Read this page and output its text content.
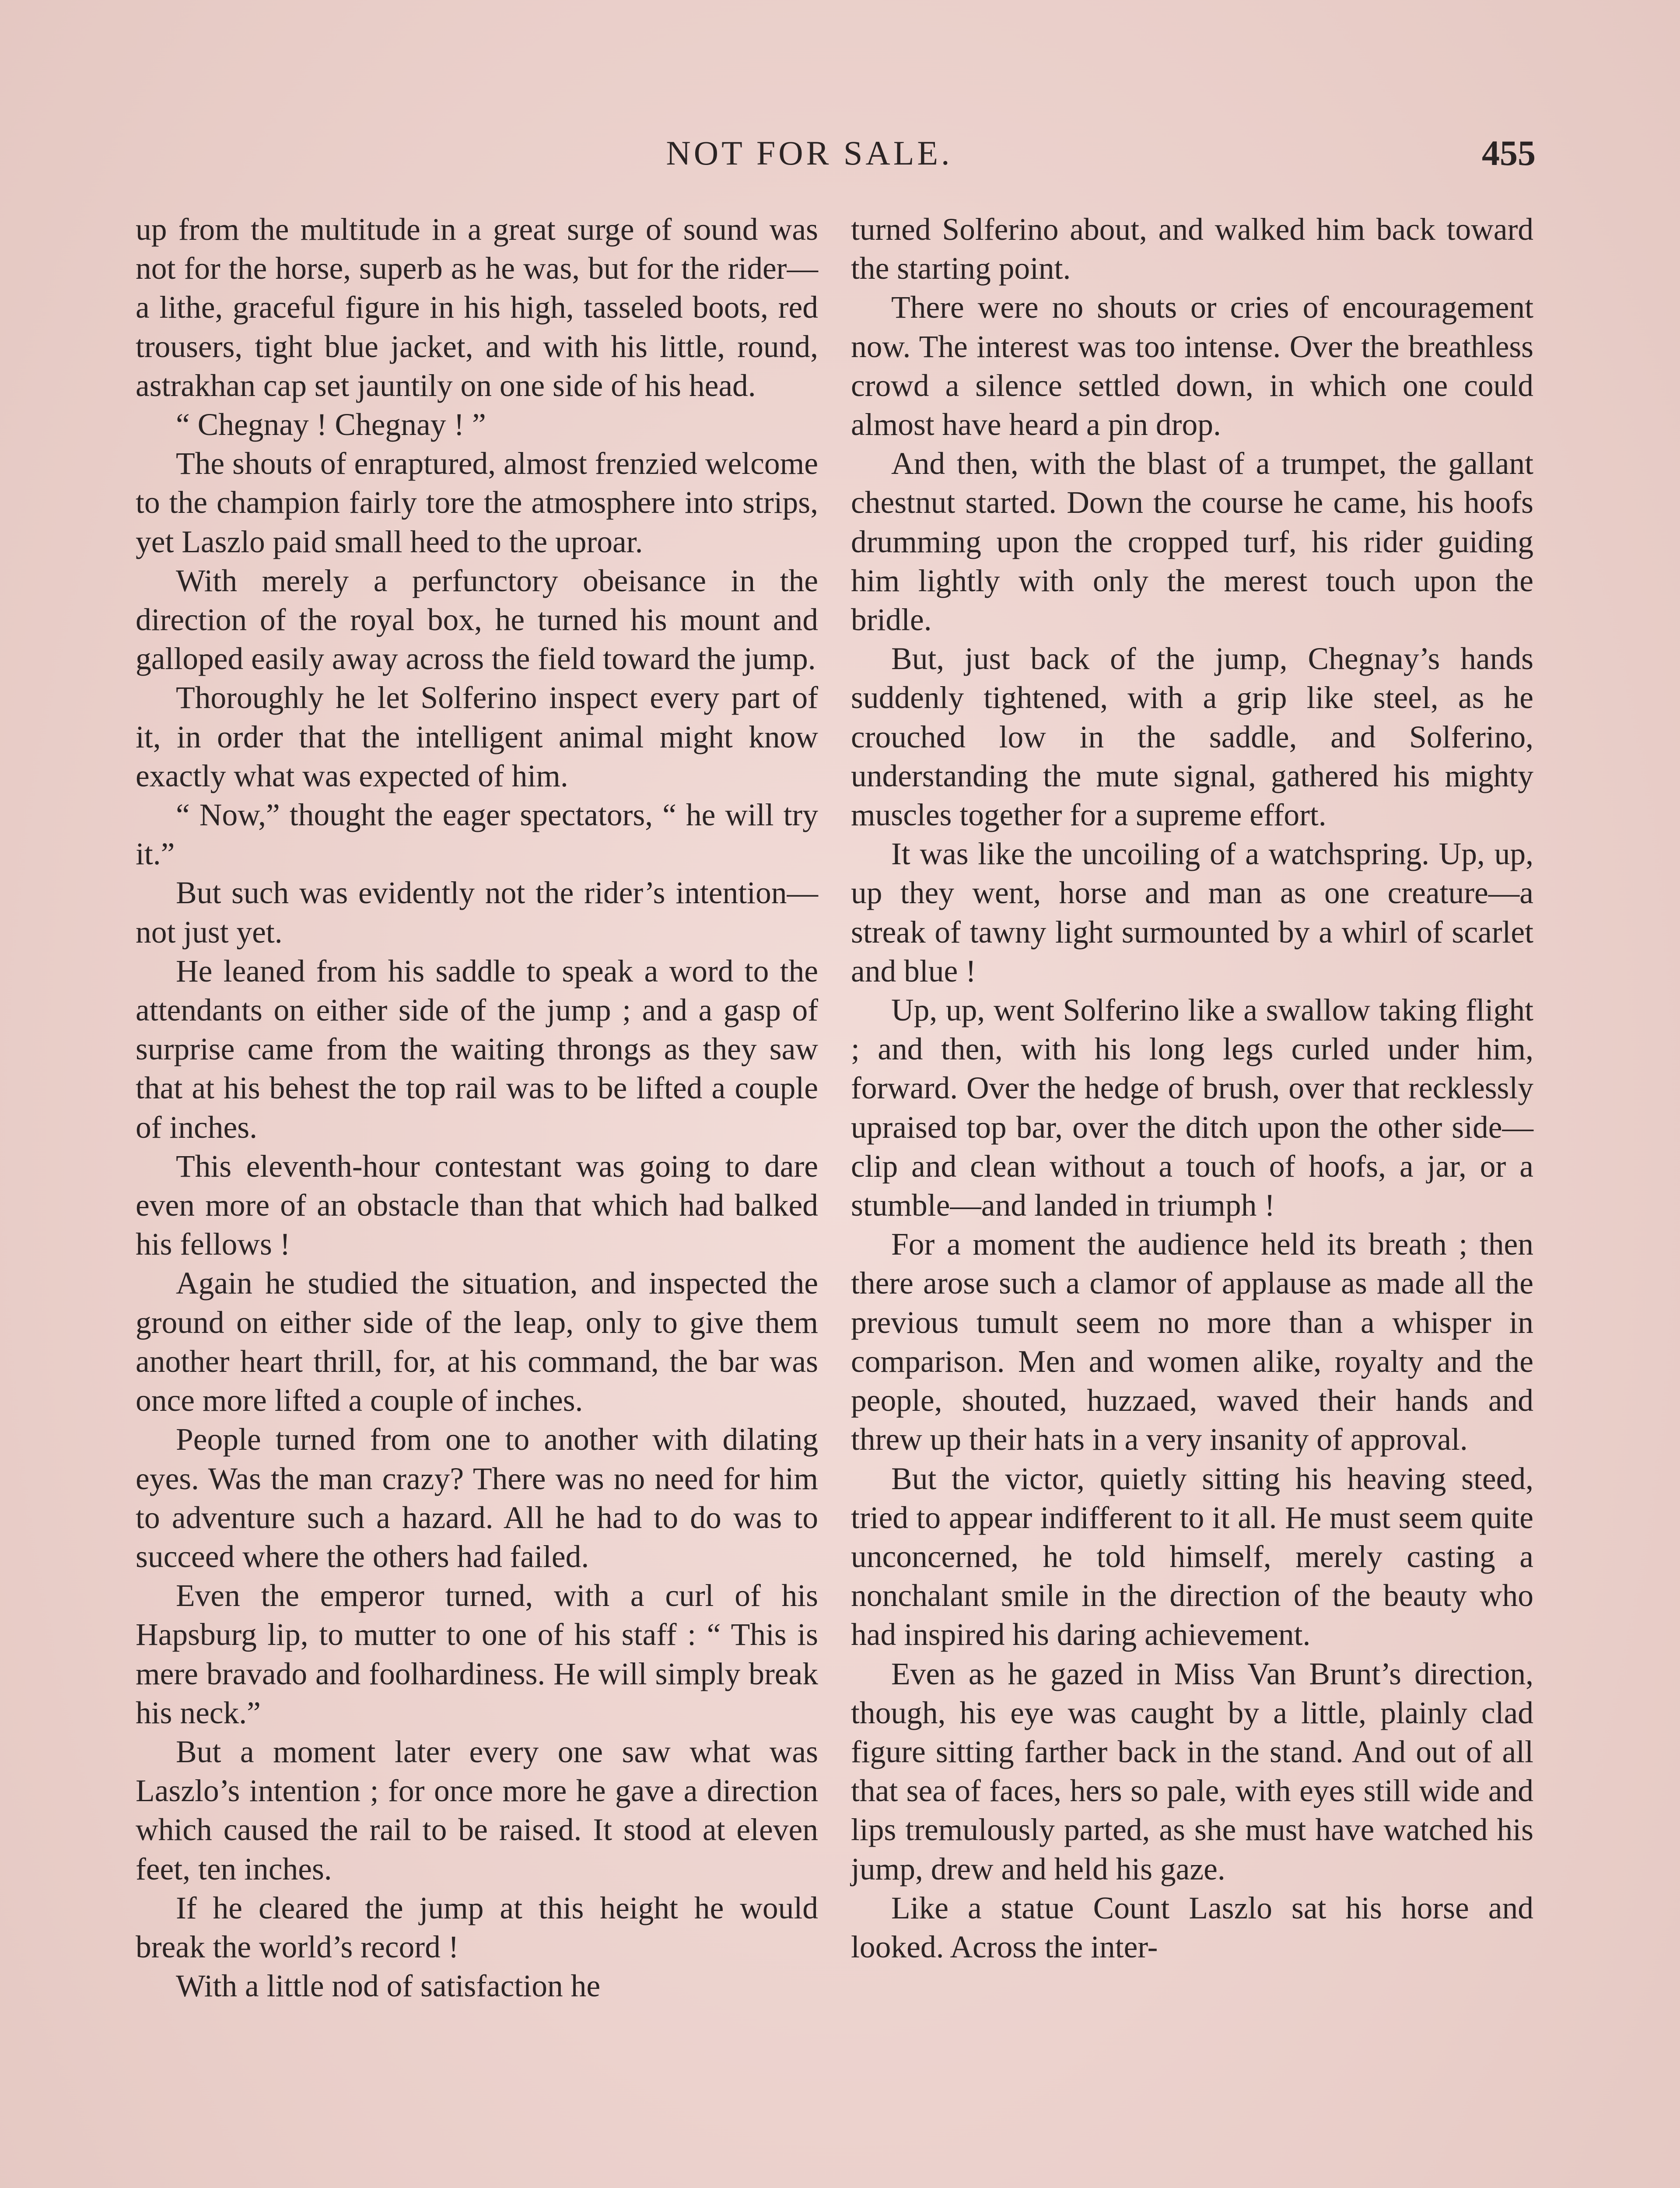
NOT FOR SALE.	455

up from the multitude in a great surge of sound was not for the horse, superb as he was, but for the rider—a lithe, graceful figure in his high, tasseled boots, red trousers, tight blue jacket, and with his little, round, astrakhan cap set jauntily on one side of his head.

“ Chegnay ! Chegnay ! ”

The shouts of enraptured, almost frenzied welcome to the champion fairly tore the atmosphere into strips, yet Laszlo paid small heed to the uproar.

With merely a perfunctory obeisance in the direction of the royal box, he turned his mount and galloped easily away across the field toward the jump.

Thoroughly he let Solferino inspect every part of it, in order that the intelligent animal might know exactly what was expected of him.

“ Now,” thought the eager spectators, “ he will try it.”

But such was evidently not the rider’s intention—not just yet.

He leaned from his saddle to speak a word to the attendants on either side of the jump ; and a gasp of surprise came from the waiting throngs as they saw that at his behest the top rail was to be lifted a couple of inches.

This eleventh-hour contestant was going to dare even more of an obstacle than that which had balked his fellows !

Again he studied the situation, and inspected the ground on either side of the leap, only to give them another heart thrill, for, at his command, the bar was once more lifted a couple of inches.

People turned from one to another with dilating eyes. Was the man crazy? There was no need for him to adventure such a hazard. All he had to do was to succeed where the others had failed.

Even the emperor turned, with a curl of his Hapsburg lip, to mutter to one of his staff : “ This is mere bravado and foolhardiness. He will simply break his neck.”

But a moment later every one saw what was Laszlo’s intention ; for once more he gave a direction which caused the rail to be raised. It stood at eleven feet, ten inches.

If he cleared the jump at this height he would break the world’s record !

With a little nod of satisfaction he

turned Solferino about, and walked him back toward the starting point.

There were no shouts or cries of encouragement now. The interest was too intense. Over the breathless crowd a silence settled down, in which one could almost have heard a pin drop.

And then, with the blast of a trumpet, the gallant chestnut started. Down the course he came, his hoofs drumming upon the cropped turf, his rider guiding him lightly with only the merest touch upon the bridle.

But, just back of the jump, Chegnay’s hands suddenly tightened, with a grip like steel, as he crouched low in the saddle, and Solferino, understanding the mute signal, gathered his mighty muscles together for a supreme effort.

It was like the uncoiling of a watchspring. Up, up, up they went, horse and man as one creature—a streak of tawny light surmounted by a whirl of scarlet and blue !

Up, up, went Solferino like a swallow taking flight ; and then, with his long legs curled under him, forward. Over the hedge of brush, over that recklessly upraised top bar, over the ditch upon the other side—clip and clean without a touch of hoofs, a jar, or a stumble—and landed in triumph !

For a moment the audience held its breath ; then there arose such a clamor of applause as made all the previous tumult seem no more than a whisper in comparison. Men and women alike, royalty and the people, shouted, huzzaed, waved their hands and threw up their hats in a very insanity of approval.

But the victor, quietly sitting his heaving steed, tried to appear indifferent to it all. He must seem quite unconcerned, he told himself, merely casting a nonchalant smile in the direction of the beauty who had inspired his daring achievement.

Even as he gazed in Miss Van Brunt’s direction, though, his eye was caught by a little, plainly clad figure sitting farther back in the stand. And out of all that sea of faces, hers so pale, with eyes still wide and lips tremulously parted, as she must have watched his jump, drew and held his gaze.

Like a statue Count Laszlo sat his horse and looked. Across the inter-
